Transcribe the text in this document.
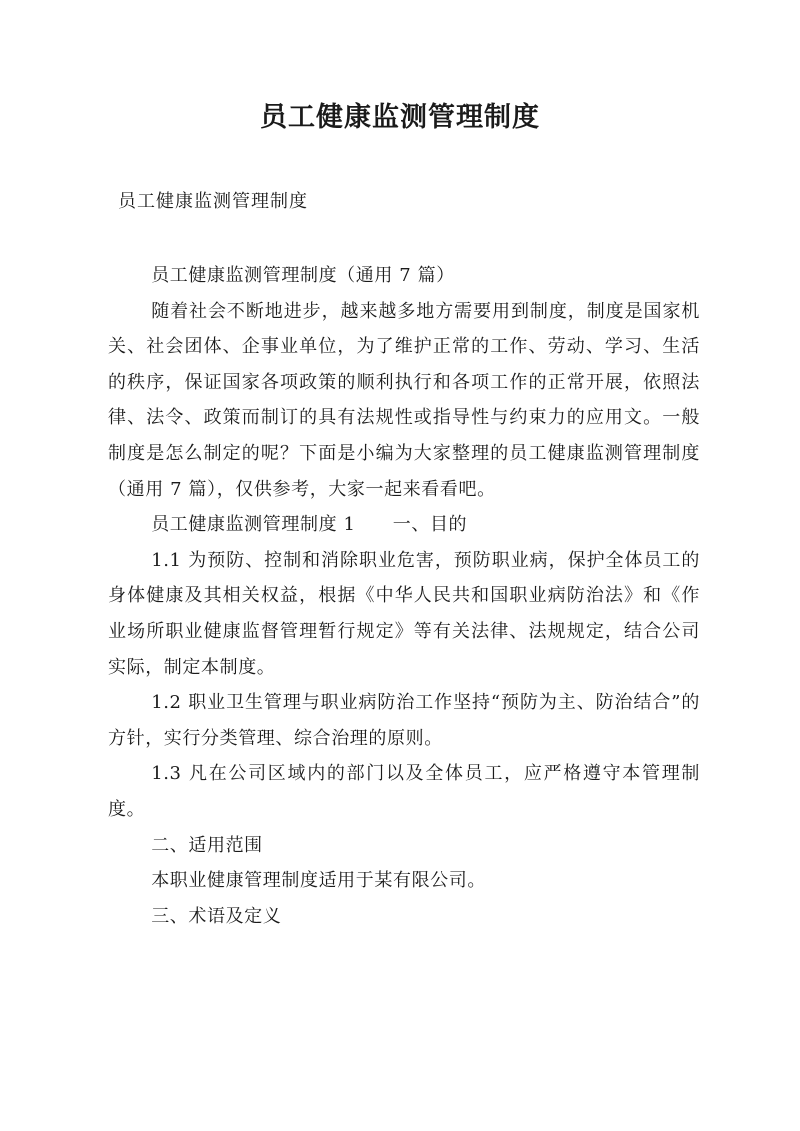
员工健康监测管理制度
员工健康监测管理制度

员工健康监测管理制度（通用 7 篇）

随着社会不断地进步，越来越多地方需要用到制度，制度是国家机关、社会团体、企事业单位，为了维护正常的工作、劳动、学习、生活的秩序，保证国家各项政策的顺利执行和各项工作的正常开展，依照法律、法令、政策而制订的具有法规性或指导性与约束力的应用文。一般制度是怎么制定的呢？下面是小编为大家整理的员工健康监测管理制度（通用 7 篇），仅供参考，大家一起来看看吧。

员工健康监测管理制度 1　　一、目的

1.1 为预防、控制和消除职业危害，预防职业病，保护全体员工的身体健康及其相关权益，根据《中华人民共和国职业病防治法》和《作业场所职业健康监督管理暂行规定》等有关法律、法规规定，结合公司实际，制定本制度。

1.2 职业卫生管理与职业病防治工作坚持“预防为主、防治结合”的方针，实行分类管理、综合治理的原则。

1.3 凡在公司区域内的部门以及全体员工，应严格遵守本管理制度。

二、适用范围

本职业健康管理制度适用于某有限公司。

三、术语及定义
